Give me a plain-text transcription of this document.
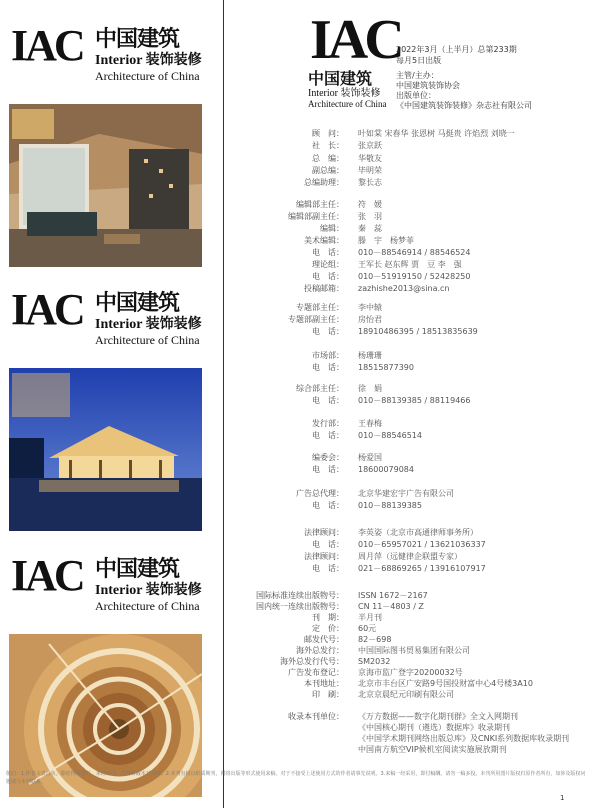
IAC 中国建筑
Interior 装饰装修
Architecture of China
IAC 中国建筑
Interior 装饰装修
Architecture of China
IAC 中国建筑
Interior 装饰装修
Architecture of China
IAC
中国建筑
Interior 装饰装修
Architecture of China
2022年3月（上半月）总第233期
每月5日出版
主管/主办：
中国建筑装饰协会
出版单位：
《中国建筑装饰装修》杂志社有限公司
顾　问： 叶如棠 宋春华 张恩树 马挺贵 许焰烈 刘晓一
社　长： 张京跃
总　编： 华敬友
副总编： 毕明荣
总编助理： 黎长志
编辑部主任： 符　媛
编辑部副主任： 张　羽
编辑： 秦　蕊
美术编辑： 滕　宇　杨梦菲
电　话： 010－88546914 / 88546524
理论组： 王军长 赵东辉 贾　豆 李　强
电　话： 010－51919150 / 52428250
投稿邮箱： zazhishe2013@sina.cn
专题部主任： 李中辕
专题部副主任： 房怡君
电　话： 18910486395 / 18513835639
市场部： 杨珊珊
电　话： 18515877390
综合部主任： 徐　娟
电　话： 010－88139385 / 88119466
发行部： 王春梅
电　话： 010－88546514
编委会： 杨爱国
电　话： 18600079084
广告总代理： 北京华建宏宇广告有限公司
电　话： 010－88139385
法律顾问： 李英姿（北京市高通律师事务所）
电　话： 010－65957021 / 13621036337
法律顾问： 周月萍（远健律企联盟专家）
电　话： 021－68869265 / 13916107917
国际标准连续出版物号： ISSN 1672－2167
国内统一连续出版物号： CN 11－4803 / Z
刊　期： 半月刊
定　价： 60元
邮发代号： 82－698
海外总发行： 中国国际图书贸易集团有限公司
海外总发行代号： SM2032
广告发布登记： 京海市监广登字20200032号
本刊地址： 北京市丰台区广安路9号国投财富中心4号楼3A10
印　刷： 北京京晨纪元印刷有限公司
收录本刊单位： 《万方数据——数字化期刊群》全文入网期刊
《中国核心期刊（遴选）数据库》收录期刊
《中国学术期刊网络出版总库》及CNKI系列数据库收录期刊
中国南方航空VIP候机室阅读实施展放期刊
敬启：1.作者文责自负。除征得同意外，未经许可，不得转载本刊文章。2.本刊有权以纸质期刊、网络出版等形式使用来稿，对于不接受上述使用方式的作者请事先说明。3.来稿一经采用，即付稿酬。请勿一稿多投。本刊所用图片版权归原作者所有，如涉及版权问题请与本刊联系。
1
